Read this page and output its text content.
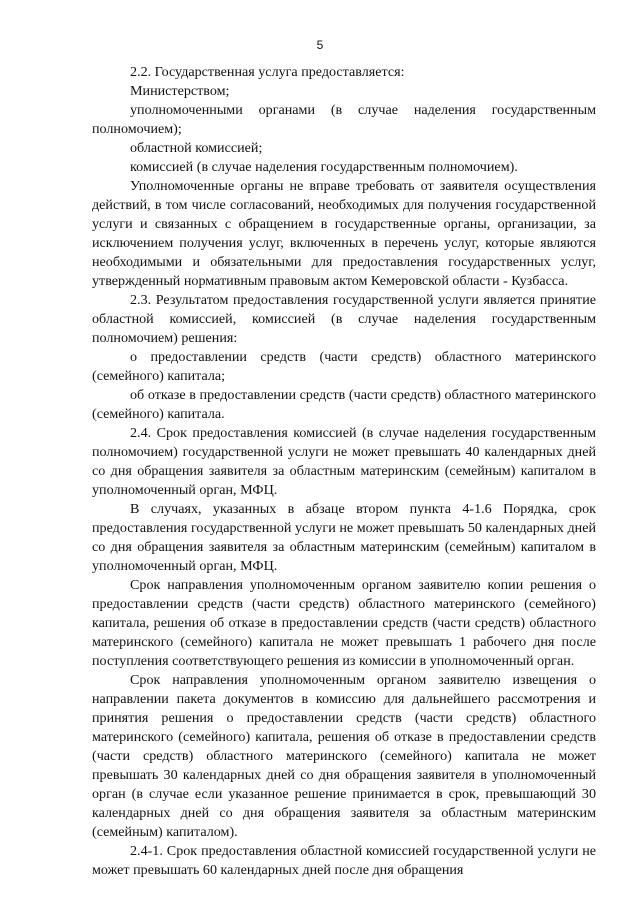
5

2.2. Государственная услуга предоставляется:

Министерством;

уполномоченными органами (в случае наделения государственным полномочием);

областной комиссией;

комиссией (в случае наделения государственным полномочием).

Уполномоченные органы не вправе требовать от заявителя осуществления действий, в том числе согласований, необходимых для получения государственной услуги и связанных с обращением в государственные органы, организации, за исключением получения услуг, включенных в перечень услуг, которые являются необходимыми и обязательными для предоставления государственных услуг, утвержденный нормативным правовым актом Кемеровской области - Кузбасса.

2.3. Результатом предоставления государственной услуги является принятие областной комиссией, комиссией (в случае наделения государственным полномочием) решения:

о предоставлении средств (части средств) областного материнского (семейного) капитала;

об отказе в предоставлении средств (части средств) областного материнского (семейного) капитала.

2.4. Срок предоставления комиссией (в случае наделения государственным полномочием) государственной услуги не может превышать 40 календарных дней со дня обращения заявителя за областным материнским (семейным) капиталом в уполномоченный орган, МФЦ.

В случаях, указанных в абзаце втором пункта 4-1.6 Порядка, срок предоставления государственной услуги не может превышать 50 календарных дней со дня обращения заявителя за областным материнским (семейным) капиталом в уполномоченный орган, МФЦ.

Срок направления уполномоченным органом заявителю копии решения о предоставлении средств (части средств) областного материнского (семейного) капитала, решения об отказе в предоставлении средств (части средств) областного материнского (семейного) капитала не может превышать 1 рабочего дня после поступления соответствующего решения из комиссии в уполномоченный орган.

Срок направления уполномоченным органом заявителю извещения о направлении пакета документов в комиссию для дальнейшего рассмотрения и принятия решения о предоставлении средств (части средств) областного материнского (семейного) капитала, решения об отказе в предоставлении средств (части средств) областного материнского (семейного) капитала не может превышать 30 календарных дней со дня обращения заявителя в уполномоченный орган (в случае если указанное решение принимается в срок, превышающий 30 календарных дней со дня обращения заявителя за областным материнским (семейным) капиталом).

2.4-1. Срок предоставления областной комиссией государственной услуги не может превышать 60 календарных дней после дня обращения
